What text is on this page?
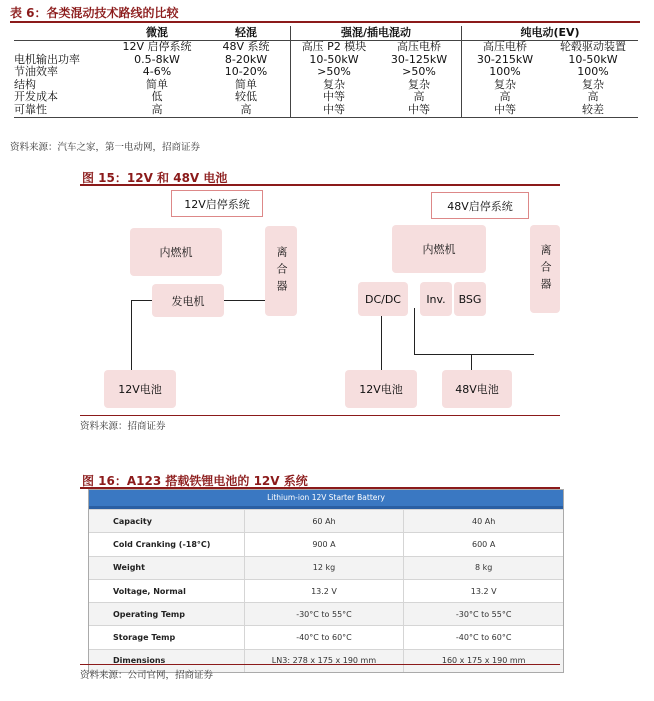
表 6：各类混动技术路线的比较
	微混	轻混	强混/插电混动		纯电动(EV)	
	12V 启停系统	48V 系统	高压 P2 模块	高压电桥	高压电桥	轮毂驱动装置
电机输出功率	0.5-8kW	8-20kW	10-50kW	30-125kW	30-215kW	10-50kW
节油效率	4-6%	10-20%	>50%	>50%	100%	100%
结构	简单	简单	复杂	复杂	复杂	复杂
开发成本	低	较低	中等	高	高	高
可靠性	高	高	中等	中等	中等	较差
资料来源：汽车之家，第一电动网，招商证券
图 15：12V 和 48V 电池
12V启停系统
内燃机	离合器
发电机
12V电池
48V启停系统
内燃机	离合器
DC/DC	Inv.	BSG
12V电池	48V电池
资料来源：招商证券
图 16：A123 搭载铁锂电池的 12V 系统
Lithium-ion 12V Starter Battery
Capacity	60 Ah	40 Ah
Cold Cranking (-18°C)	900 A	600 A
Weight	12 kg	8 kg
Voltage, Normal	13.2 V	13.2 V
Operating Temp	-30°C to 55°C	-30°C to 55°C
Storage Temp	-40°C to 60°C	-40°C to 60°C
Dimensions	LN3: 278 x 175 x 190 mm	160 x 175 x 190 mm
资料来源：公司官网，招商证券
